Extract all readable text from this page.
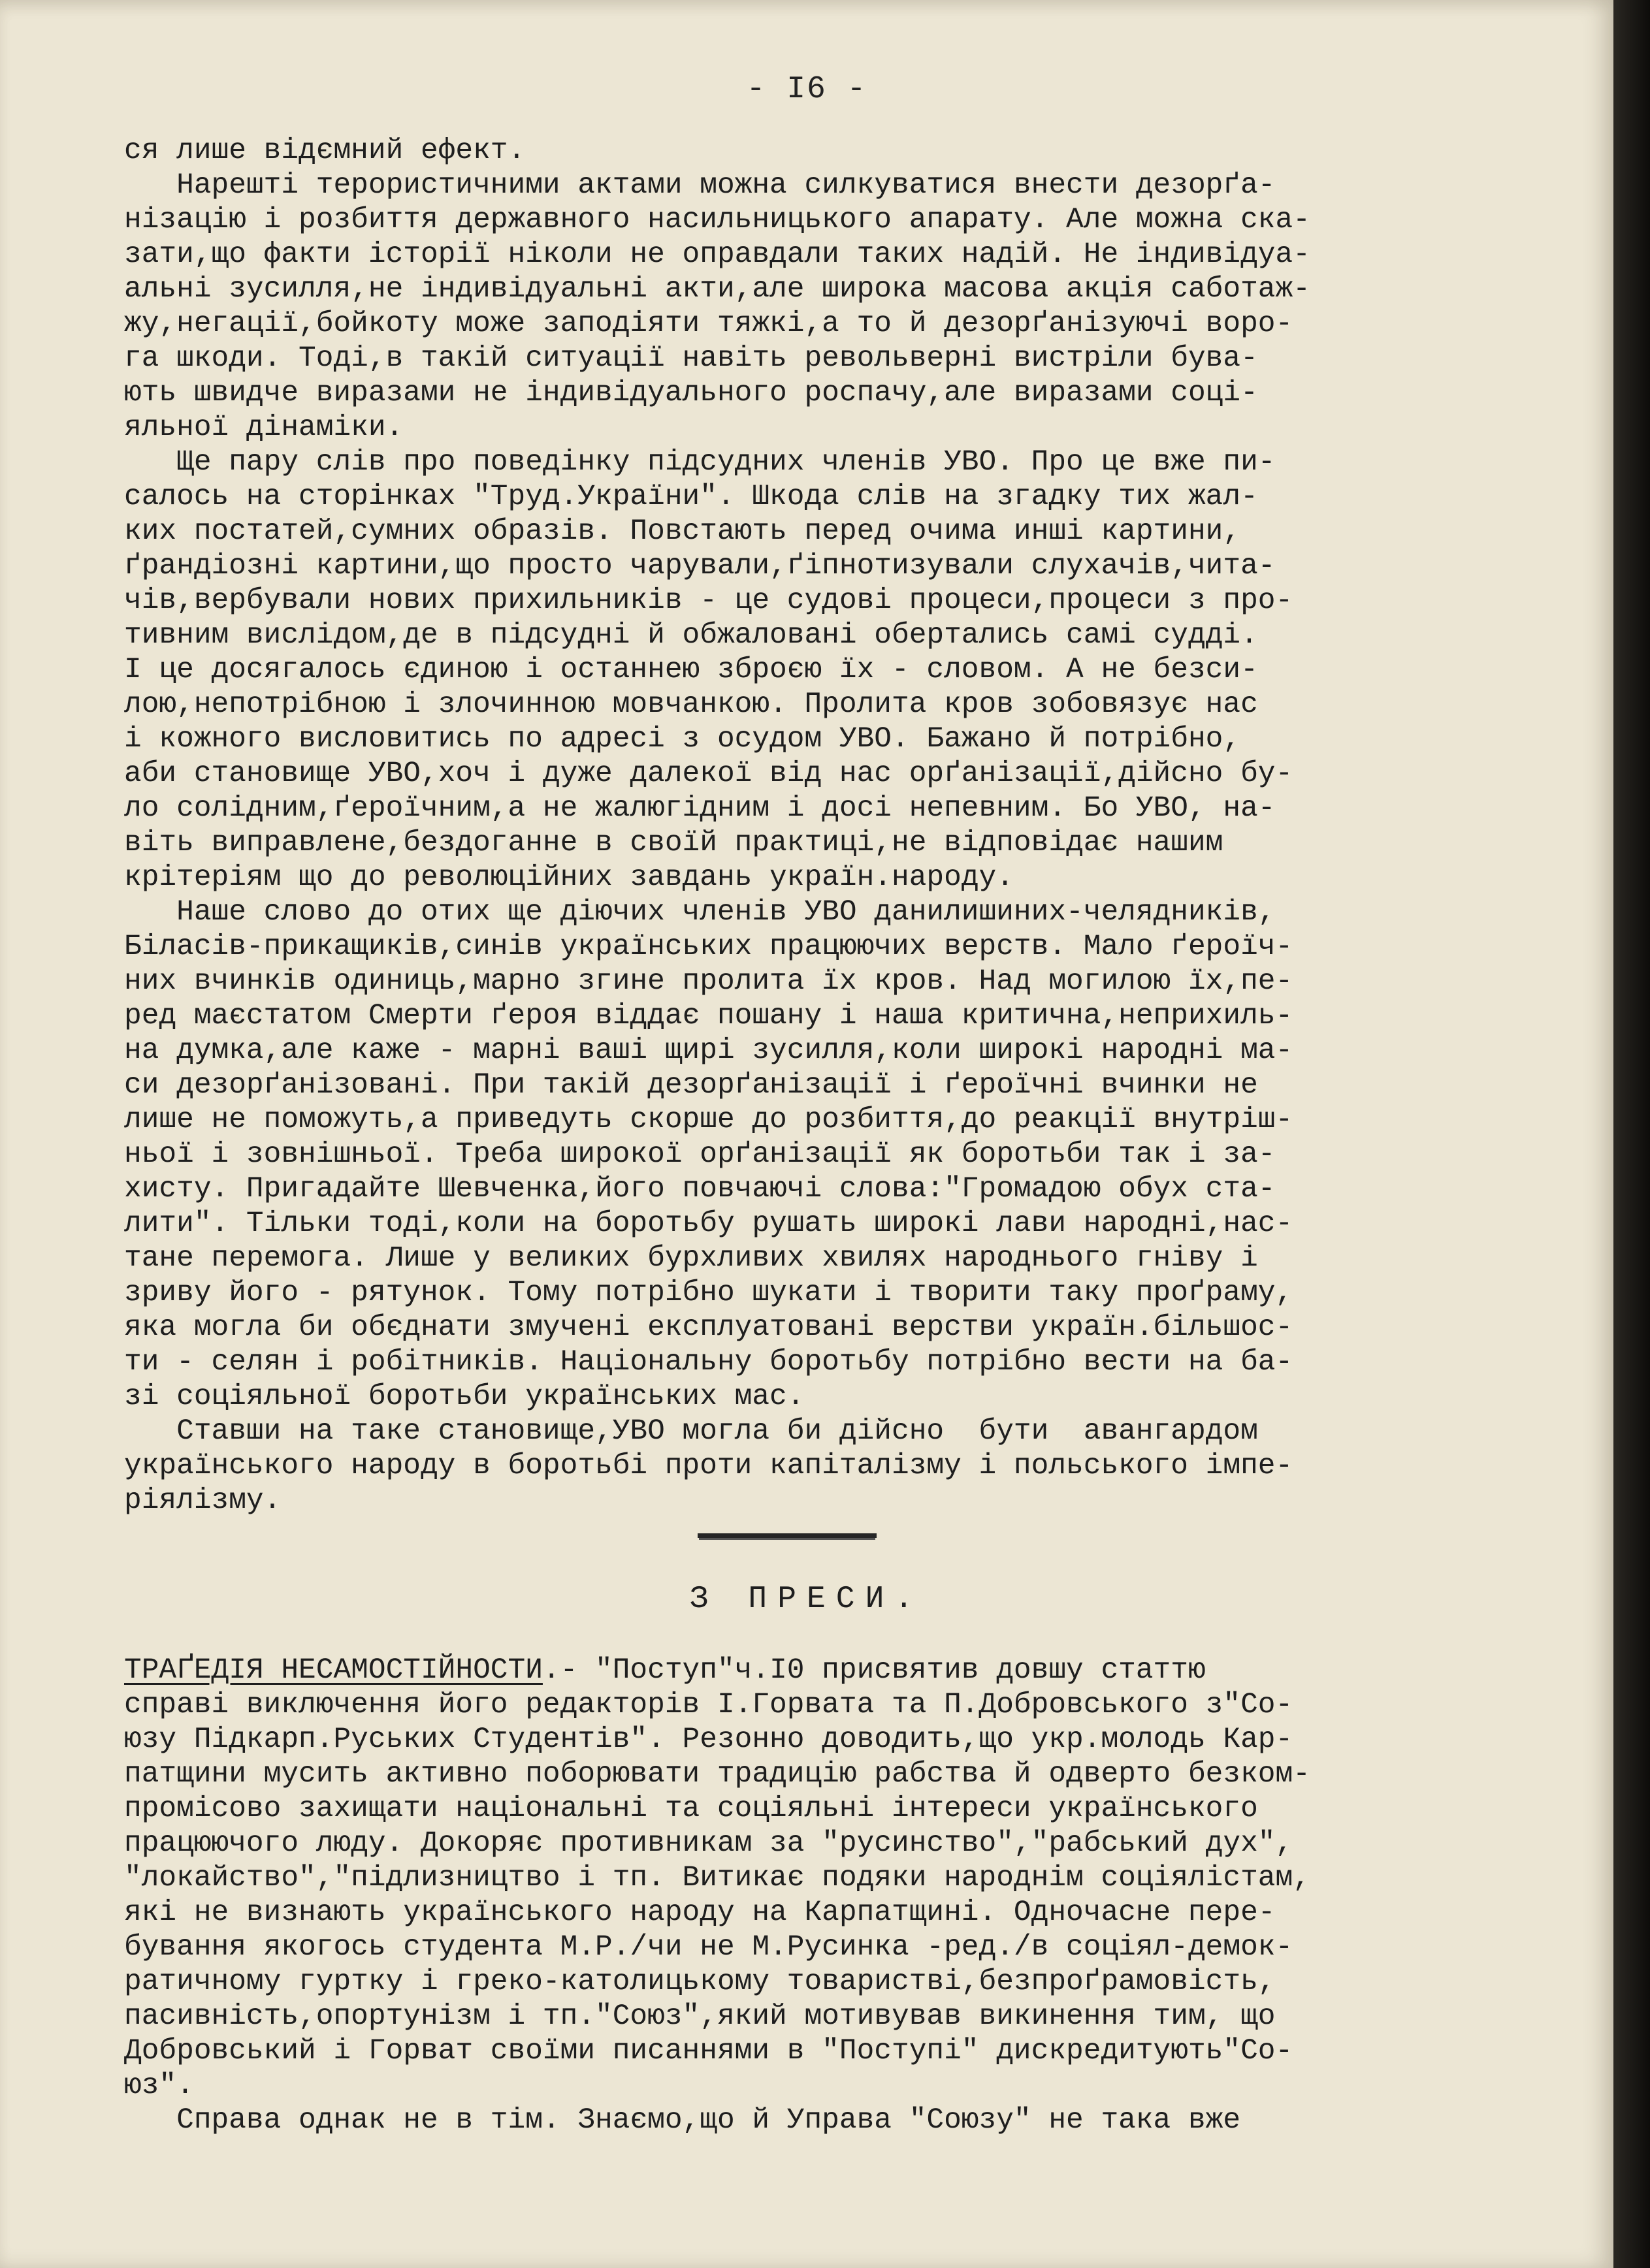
- I6 -
ся лише відємний ефект.
Нарешті терористичними актами можна силкуватися внести дезорґа-
нізацію і розбиття державного насильницького апарату. Але можна ска-
зати,що факти історії ніколи не оправдали таких надій. Не індивідуа-
альні зусилля,не індивідуальні акти,але широка масова акція саботаж-
жу,негації,бойкоту може заподіяти тяжкі,а то й дезорґанізуючі воро-
га шкоди. Тоді,в такій ситуації навіть револьверні вистріли бува-
ють швидче виразами не індивідуального роспачу,але виразами соці-
яльної дінаміки.
Ще пару слів про поведінку підсудних членів УВО. Про це вже пи-
салось на сторінках "Труд.України". Шкода слів на згадку тих жал-
ких постатей,сумних образів. Повстають перед очима инші картини,
ґрандіозні картини,що просто чарували,ґіпнотизували слухачів,чита-
чів,вербували нових прихильників - це судові процеси,процеси з про-
тивним вислідом,де в підсудні й обжаловані обертались самі судді.
І це досягалось єдиною і останнею зброєю їх - словом. А не безси-
лою,непотрібною і злочинною мовчанкою. Пролита кров зобовязує нас
і кожного висловитись по адресі з осудом УВО. Бажано й потрібно,
аби становище УВО,хоч і дуже далекої від нас орґанізації,дійсно бу-
ло солідним,ґероїчним,а не жалюгідним і досі непевним. Бо УВО, на-
віть виправлене,бездоганне в своїй практиці,не відповідає нашим
крітеріям що до революційних завдань україн.народу.
Наше слово до отих ще діючих членів УВО данилишиних-челядників,
Біласів-прикащиків,синів українських працюючих верств. Мало ґероїч-
них вчинків одиниць,марно згине пролита їх кров. Над могилою їх,пе-
ред маєстатом Смерти ґероя віддає пошану і наша критична,неприхиль-
на думка,але каже - марні ваші щирі зусилля,коли широкі народні ма-
си дезорґанізовані. При такій дезорґанізації і ґероїчні вчинки не
лише не поможуть,а приведуть скорше до розбиття,до реакції внутріш-
ньої і зовнішньої. Треба широкої орґанізації як боротьби так і за-
хисту. Пригадайте Шевченка,його повчаючі слова:"Громадою обух ста-
лити". Тільки тоді,коли на боротьбу рушать широкі лави народні,нас-
тане перемога. Лише у великих бурхливих хвилях народнього гніву і
зриву його - рятунок. Тому потрібно шукати і творити таку проґраму,
яка могла би обєднати змучені експлуатовані верстви україн.більшос-
ти - селян і робітників. Національну боротьбу потрібно вести на ба-
зі соціяльної боротьби українських мас.
Ставши на таке становище,УВО могла би дійсно  бути  авангардом
українського народу в боротьбі проти капіталізму і польського імпе-
ріялізму.
З ПРЕСИ.
ТРАҐЕДІЯ НЕСАМОСТІЙНОСТИ.- "Поступ"ч.І0 присвятив довшу статтю
справі виключення його редакторів І.Горвата та П.Добровського з"Со-
юзу Підкарп.Руських Студентів". Резонно доводить,що укр.молодь Кар-
патщини мусить активно поборювати традицію рабства й одверто безком-
промісово захищати національні та соціяльні інтереси українського
працюючого люду. Докоряє противникам за "русинство","рабський дух",
"локайство","підлизництво і тп. Витикає подяки народнім соціялістам,
які не визнають українського народу на Карпатщині. Одночасне пере-
бування якогось студента М.Р./чи не М.Русинка -ред./в соціял-демок-
ратичному гуртку і греко-католицькому товаристві,безпроґрамовість,
пасивність,опортунізм і тп."Союз",який мотивував викинення тим, що
Добровський і Горват своїми писаннями в "Поступі" дискредитують"Со-
юз".
Справа однак не в тім. Знаємо,що й Управа "Союзу" не така вже
